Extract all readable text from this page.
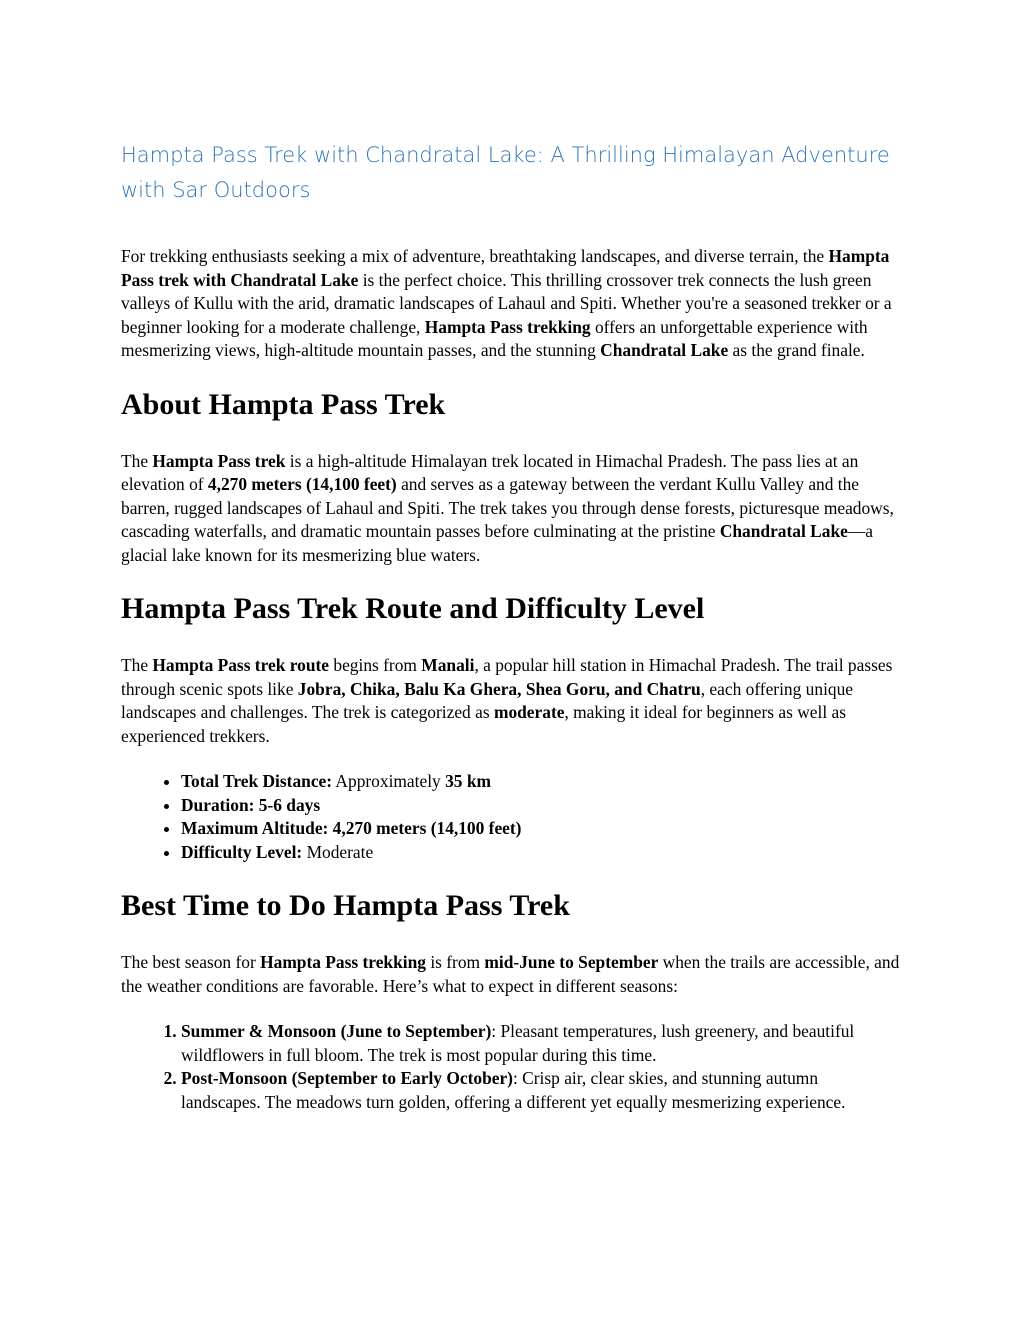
Hampta Pass Trek with Chandratal Lake: A Thrilling Himalayan Adventure with Sar Outdoors

For trekking enthusiasts seeking a mix of adventure, breathtaking landscapes, and diverse terrain, the Hampta Pass trek with Chandratal Lake is the perfect choice. This thrilling crossover trek connects the lush green valleys of Kullu with the arid, dramatic landscapes of Lahaul and Spiti. Whether you're a seasoned trekker or a beginner looking for a moderate challenge, Hampta Pass trekking offers an unforgettable experience with mesmerizing views, high-altitude mountain passes, and the stunning Chandratal Lake as the grand finale.

About Hampta Pass Trek

The Hampta Pass trek is a high-altitude Himalayan trek located in Himachal Pradesh. The pass lies at an elevation of 4,270 meters (14,100 feet) and serves as a gateway between the verdant Kullu Valley and the barren, rugged landscapes of Lahaul and Spiti. The trek takes you through dense forests, picturesque meadows, cascading waterfalls, and dramatic mountain passes before culminating at the pristine Chandratal Lake—a glacial lake known for its mesmerizing blue waters.

Hampta Pass Trek Route and Difficulty Level

The Hampta Pass trek route begins from Manali, a popular hill station in Himachal Pradesh. The trail passes through scenic spots like Jobra, Chika, Balu Ka Ghera, Shea Goru, and Chatru, each offering unique landscapes and challenges. The trek is categorized as moderate, making it ideal for beginners as well as experienced trekkers.

• Total Trek Distance: Approximately 35 km
• Duration: 5-6 days
• Maximum Altitude: 4,270 meters (14,100 feet)
• Difficulty Level: Moderate
Best Time to Do Hampta Pass Trek

The best season for Hampta Pass trekking is from mid-June to September when the trails are accessible, and the weather conditions are favorable. Here’s what to expect in different seasons:

1. Summer & Monsoon (June to September): Pleasant temperatures, lush greenery, and beautiful wildflowers in full bloom. The trek is most popular during this time.
2. Post-Monsoon (September to Early October): Crisp air, clear skies, and stunning autumn landscapes. The meadows turn golden, offering a different yet equally mesmerizing experience.
